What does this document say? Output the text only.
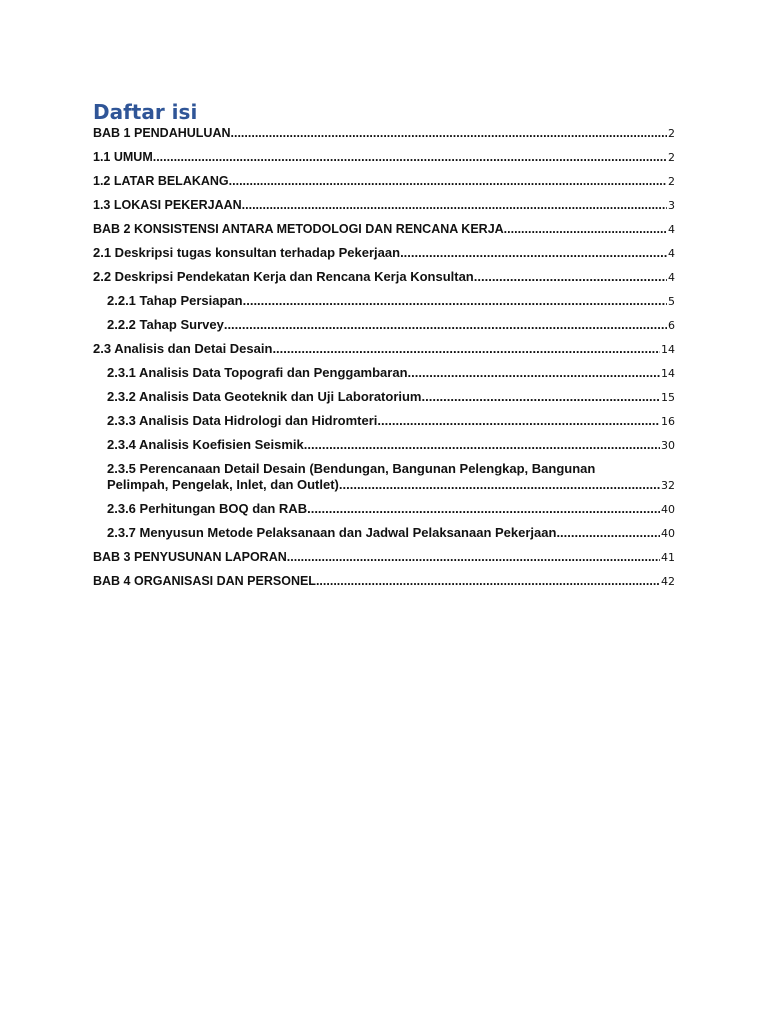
Daftar isi
BAB 1 PENDAHULUAN .....	2
1.1 UMUM .....	2
1.2 LATAR BELAKANG .....	2
1.3 LOKASI PEKERJAAN .....	3
BAB 2 KONSISTENSI ANTARA METODOLOGI DAN RENCANA KERJA .....	4
2.1 Deskripsi tugas konsultan terhadap Pekerjaan .....	4
2.2 Deskripsi Pendekatan Kerja dan Rencana Kerja Konsultan .....	4
2.2.1 Tahap Persiapan .....	5
2.2.2 Tahap Survey .....	6
2.3 Analisis dan Detai Desain .....	14
2.3.1 Analisis Data Topografi dan Penggambaran .....	14
2.3.2 Analisis Data Geoteknik dan Uji Laboratorium .....	15
2.3.3 Analisis Data Hidrologi dan Hidromteri .....	16
2.3.4 Analisis Koefisien Seismik .....	30
2.3.5 Perencanaan Detail Desain (Bendungan, Bangunan Pelengkap, Bangunan
Pelimpah, Pengelak, Inlet, dan Outlet) .....	32
2.3.6 Perhitungan BOQ dan RAB .....	40
2.3.7 Menyusun Metode Pelaksanaan dan Jadwal Pelaksanaan Pekerjaan .....	40
BAB 3 PENYUSUNAN LAPORAN .....	41
BAB 4 ORGANISASI DAN PERSONEL .....	42
